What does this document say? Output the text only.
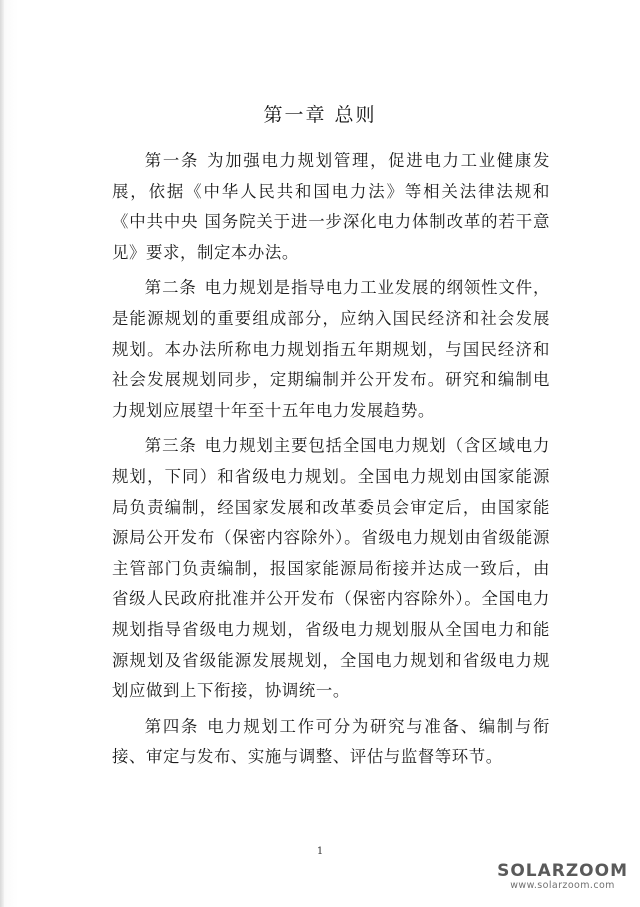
第一章 总则

第一条 为加强电力规划管理，促进电力工业健康发展，依据《中华人民共和国电力法》等相关法律法规和《中共中央 国务院关于进一步深化电力体制改革的若干意见》要求，制定本办法。

第二条 电力规划是指导电力工业发展的纲领性文件，是能源规划的重要组成部分，应纳入国民经济和社会发展规划。本办法所称电力规划指五年期规划，与国民经济和社会发展规划同步，定期编制并公开发布。研究和编制电力规划应展望十年至十五年电力发展趋势。

第三条 电力规划主要包括全国电力规划（含区域电力规划，下同）和省级电力规划。全国电力规划由国家能源局负责编制，经国家发展和改革委员会审定后，由国家能源局公开发布（保密内容除外）。省级电力规划由省级能源主管部门负责编制，报国家能源局衔接并达成一致后，由省级人民政府批准并公开发布（保密内容除外）。全国电力规划指导省级电力规划，省级电力规划服从全国电力和能源规划及省级能源发展规划，全国电力规划和省级电力规划应做到上下衔接，协调统一。

第四条 电力规划工作可分为研究与准备、编制与衔接、审定与发布、实施与调整、评估与监督等环节。

1
SOLARZOOM
www.solarzoom.com
